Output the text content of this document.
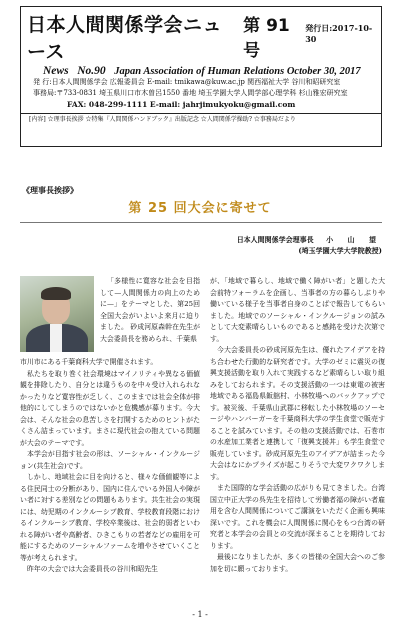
日本人間関係学会ニュース
第 91 号
発行日:2017-10-30
News No.90 Japan Association of Human Relations October 30, 2017
発 行:日本人間関係学会 広報委員会 E-mail: tmikawa@kuw.ac.jp 関西福祉大学 谷川和昭研究室
事務局:〒733-0831 埼玉県川口市木曽呂1550 番地 埼玉学園大学人間学部心理学科 杉山雅宏研究室
FAX: 048-299-1111 E-mail: jahrjimukyoku@gmail.com
[内容] ☆理事長挨拶 ☆特集『人間関係ハンドブック』出版記念 ☆人間関係学操助? ☆事務局だより
《理事長挨拶》
第 25 回大会に寄せて
日本人間関係学会理事長 小 山 望
(埼玉学園大学大学院教授)

「多様性に寛容な社会を目指して—人間関係力の向上のために—」をテーマとした、第25回全国大会がいよいよ来月に迫りました。 砂成河原森幹在先生が大会委員長を務められ、千葉県

市川市にある千葉商科大学で開催されます。

私たちを取り巻く社会環境はマイノリティや異なる価値観を排除したり、自分とは違うものを中々受け入れられなかったりなど寛容性が乏しく、このままでは社会全体が排他的にしてしまうのではないかと危機感が募ります。今大会は、そんな社会の息苦しさを打開するためのヒントがたくさん詰まっています。まさに現代社会の抱えている問題が大会のテーマです。

本学会が目指す社会の形は、ソーシャル・インクルージョン(共生社会)です。

しかし、地域社会に目を向けると、様々な価値観等による住民同士の分断があり、国内に住んでいる外国人や障がい者に対する差別などの問題もあります。共生社会の実現には、幼児期のインクルーシブ教育、学校教育段階におけるインクルーシブ教育、学校卒業後は、社会的弱者といわれる障がい者や高齢者、ひきこもりの若者などの雇用を可能にするためのソーシャルファームを増やさせていくこと等が考えられます。

昨年の大会では大会委員長の谷川和昭先生

が、「地域で暮らし、地域で働く障がい者」と題した大会前特フォーラムを企画し、当事者の方の暮らしぶりや働いている様子を当事者自身のことばで報告してもらいました。地域でのソーシャル・インクルージョンの試みとして大変素晴らしいものであると感銘を受けた次第です。

今大会委員長の砂成河原先生は、優れたアイデアを持ち合わせた行動的な研究者です。大学のゼミに震災の復興支援活動を取り入れて実践するなど素晴らしい取り組みをしておられます。その支援活動の一つは東電の被害地域である福島県飯舘村、小林牧場へのバックアップです。被災後、千葉県山武郡に移転した小林牧場のソーセージやハンバーガーを千葉商科大学の学生食堂で販売することを試みています。その他の支援活動では、石巻市の水産加工業者と連携して「復興支援丼」も学生食堂で販売しています。砂成河原先生のアイデアが詰まった今大会はなにかプライズが起こりそうで大変ワクワクします。

また国際的な学会活動の広がりも見てきました。台湾国立中正大学の呉先生を招待して労働者福の障がい者雇用を含む人間関係についてご講演をいただく企画も興味深いです。これを機会に人間関係に関心をもつ台湾の研究者と本学会の会員との交流が深まることを期待しております。

最後になりましたが、多くの皆様の全国大会へのご参加を切に願っております。

- 1 -
